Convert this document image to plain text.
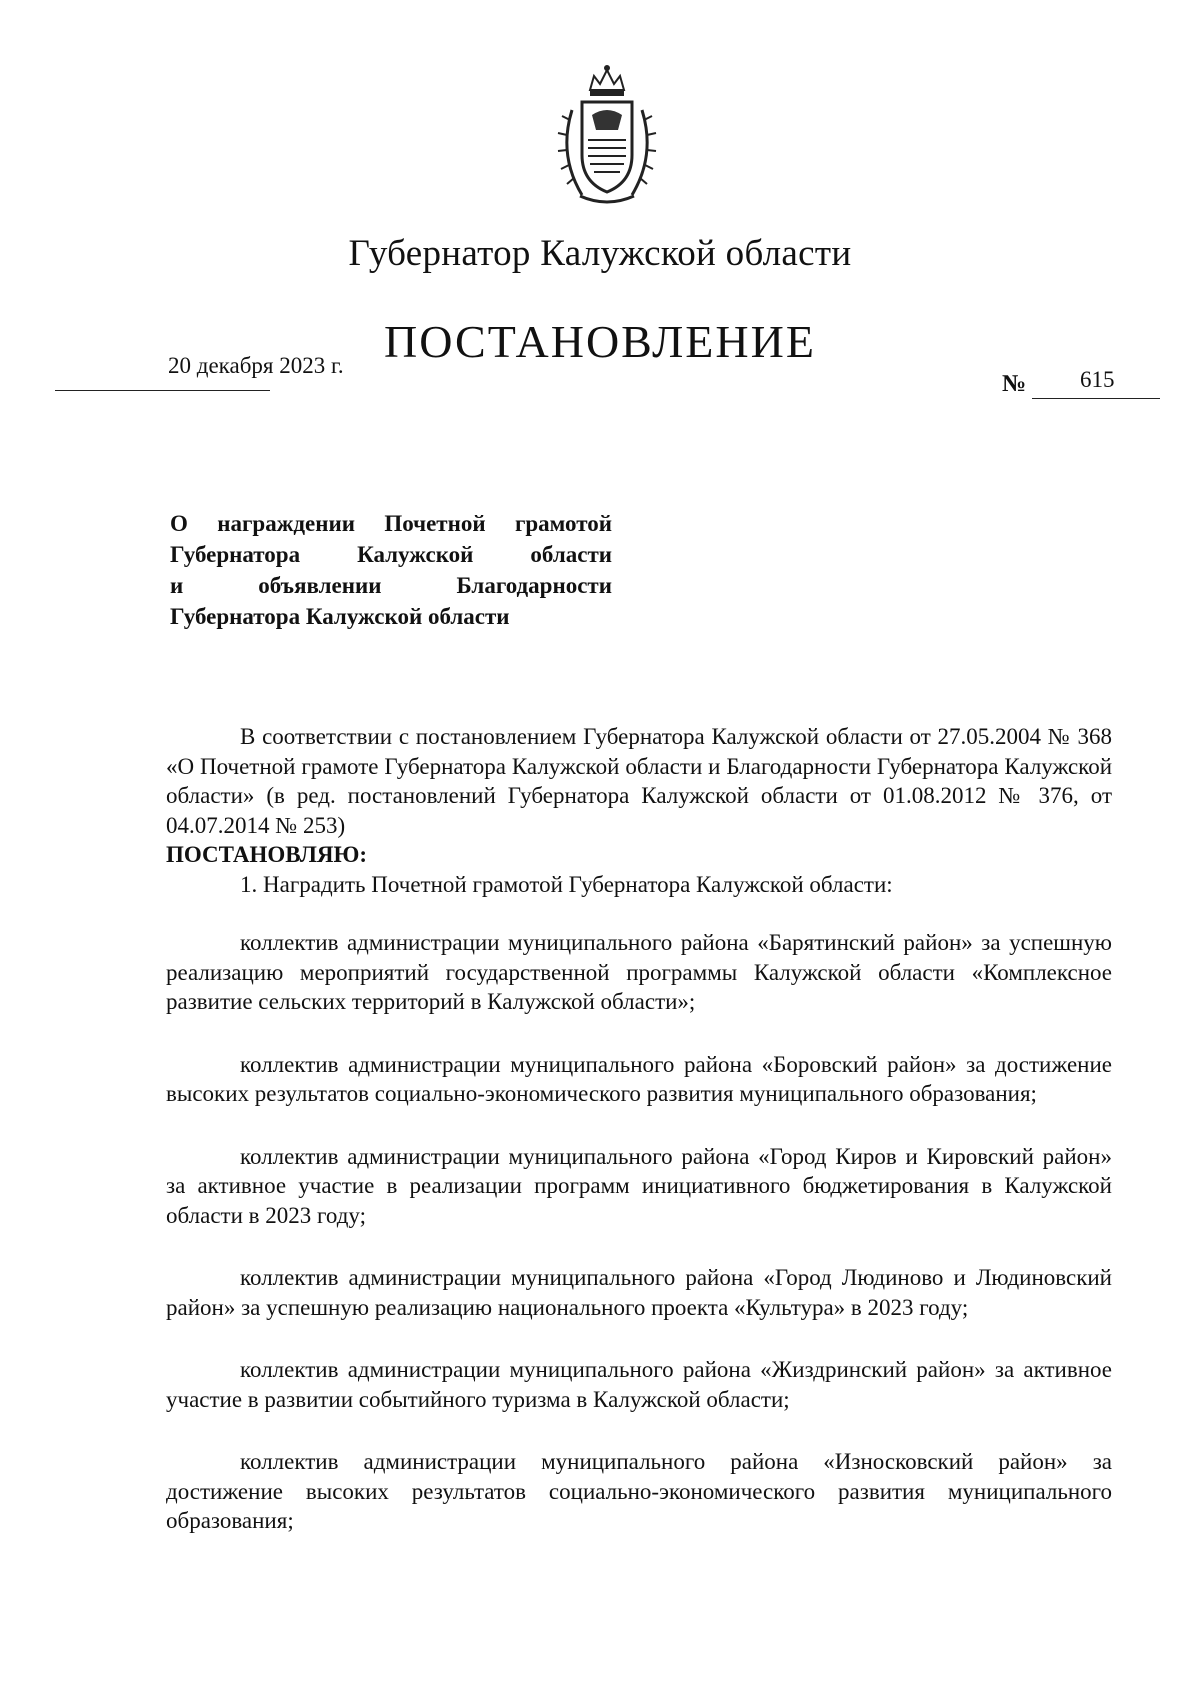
Губернатор Калужской области
ПОСТАНОВЛЕНИЕ
20 декабря 2023 г.
№ 615
О награждении Почетной грамотой
Губернатора Калужской области
и объявлении Благодарности
Губернатора Калужской области

В соответствии с постановлением Губернатора Калужской области от 27.05.2004 № 368 «О Почетной грамоте Губернатора Калужской области и Благодарности Губернатора Калужской области» (в ред. постановлений Губернатора Калужской области от 01.08.2012 № 376, от 04.07.2014 № 253)

ПОСТАНОВЛЯЮ:

1. Наградить Почетной грамотой Губернатора Калужской области:

коллектив администрации муниципального района «Барятинский район» за успешную реализацию мероприятий государственной программы Калужской области «Комплексное развитие сельских территорий в Калужской области»;

коллектив администрации муниципального района «Боровский район» за достижение высоких результатов социально-экономического развития муниципального образования;

коллектив администрации муниципального района «Город Киров и Кировский район» за активное участие в реализации программ инициативного бюджетирования в Калужской области в 2023 году;

коллектив администрации муниципального района «Город Людиново и Людиновский район» за успешную реализацию национального проекта «Культура» в 2023 году;

коллектив администрации муниципального района «Жиздринский район» за активное участие в развитии событийного туризма в Калужской области;

коллектив администрации муниципального района «Износковский район» за достижение высоких результатов социально-экономического развития муниципального образования;
